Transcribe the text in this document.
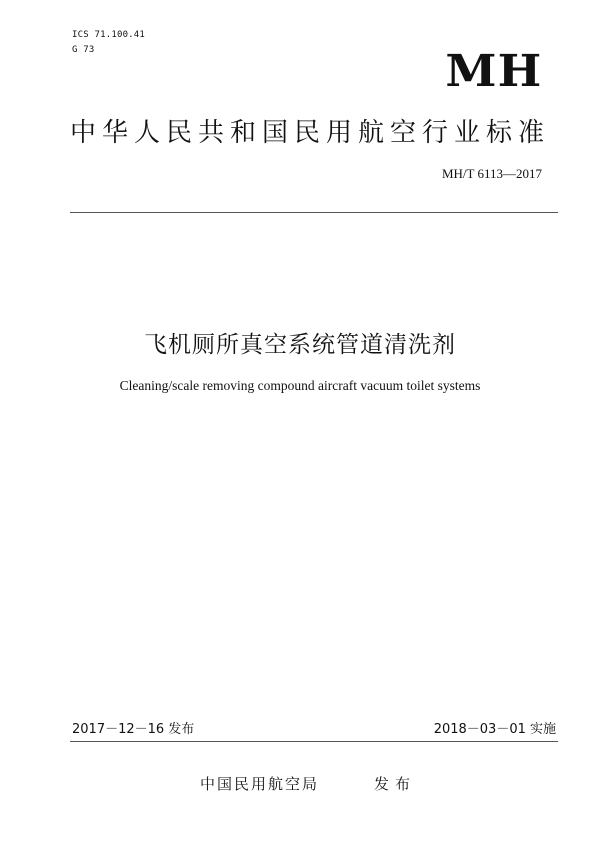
ICS 71.100.41
G 73	MH
中华人民共和国民用航空行业标准
MH/T 6113—2017
飞机厕所真空系统管道清洗剂
Cleaning/scale removing compound aircraft vacuum toilet systems
2017－12－16 发布	2018－03－01 实施
中国民用航空局	发布
